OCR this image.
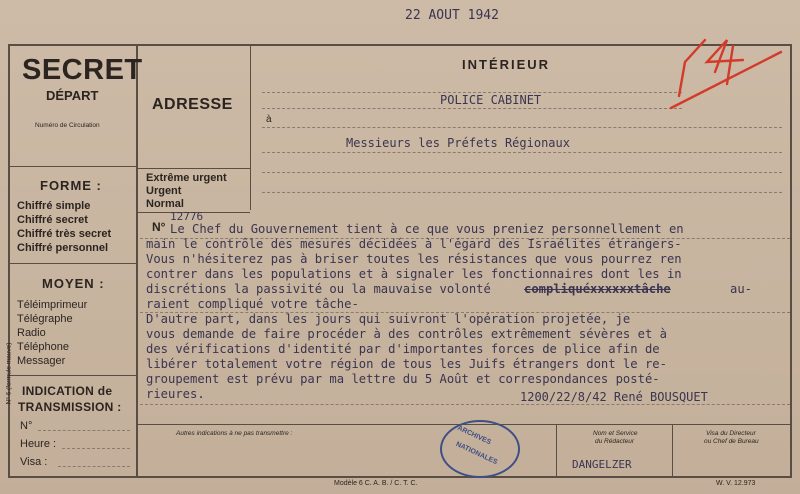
22 AOUT 1942
SECRET
DÉPART
Numéro de Circulation
FORME :
Chiffré simple
Chiffré secret
Chiffré très secret
Chiffré personnel
MOYEN :
Téléimprimeur
Télégraphe
Radio
Téléphone
Messager
INDICATION de
TRANSMISSION :
N°
Heure :
Visa :
N° 6 (formule mauve)
ADRESSE
INTÉRIEUR
POLICE CABINET
à
Messieurs les Préfets Régionaux
Extrême urgent
Urgent
Normal
N°
12776
Le Chef du Gouvernement tient à ce que vous preniez personnellement en
main le contrôle des mesures décidées à l'égard des Israélites étrangers-
Vous n'hésiterez pas à briser toutes les résistances que vous pourrez ren
contrer dans les populations et à signaler les fonctionnaires dont les in
discrétions la passivité ou la mauvaise volonté	compliquéxxxxxxtâche	au-
raient compliqué votre tâche-
D'autre part, dans les jours qui suivront l'opération projetée, je
vous demande de faire procéder à des contrôles extrêmement sévères et à
des vérifications d'identité par d'importantes forces de plice afin de
libérer totalement votre région de tous les Juifs étrangers dont le re-
groupement est prévu par ma lettre du 5 Août et correspondances posté-
rieures.	1200/22/8/42 René BOUSQUET
Autres indications à ne pas transmettre :	Nom et Service
du Rédacteur
Visa du Directeur
ou Chef de Bureau
DANGELZER
ARCHIVES
NATIONALES
Modèle 6 C. A. B. / C. T. C.	W. V. 12.973
